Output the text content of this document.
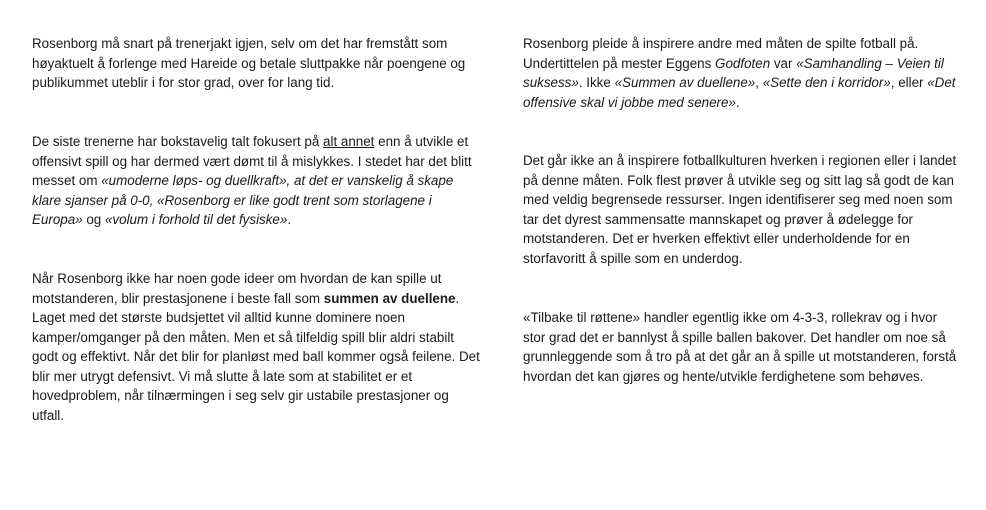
Rosenborg må snart på trenerjakt igjen, selv om det har fremstått som høyaktuelt å forlenge med Hareide og betale sluttpakke når poengene og publikummet uteblir i for stor grad, over for lang tid.

De siste trenerne har bokstavelig talt fokusert på alt annet enn å utvikle et offensivt spill og har dermed vært dømt til å mislykkes. I stedet har det blitt messet om «umoderne løps- og duellkraft», at det er vanskelig å skape klare sjanser på 0-0, «Rosenborg er like godt trent som storlagene i Europa» og «volum i forhold til det fysiske».

Når Rosenborg ikke har noen gode ideer om hvordan de kan spille ut motstanderen, blir prestasjonene i beste fall som summen av duellene. Laget med det største budsjettet vil alltid kunne dominere noen kamper/omganger på den måten. Men et så tilfeldig spill blir aldri stabilt godt og effektivt. Når det blir for planløst med ball kommer også feilene. Det blir mer utrygt defensivt. Vi må slutte å late som at stabilitet er et hovedproblem, når tilnærmingen i seg selv gir ustabile prestasjoner og utfall.

Rosenborg pleide å inspirere andre med måten de spilte fotball på. Undertittelen på mester Eggens Godfoten var «Samhandling – Veien til suksess». Ikke «Summen av duellene», «Sette den i korridor», eller «Det offensive skal vi jobbe med senere».

Det går ikke an å inspirere fotballkulturen hverken i regionen eller i landet på denne måten. Folk flest prøver å utvikle seg og sitt lag så godt de kan med veldig begrensede ressurser. Ingen identifiserer seg med noen som tar det dyrest sammensatte mannskapet og prøver å ødelegge for motstanderen. Det er hverken effektivt eller underholdende for en storfavoritt å spille som en underdog.

«Tilbake til røttene» handler egentlig ikke om 4-3-3, rollekrav og i hvor stor grad det er bannlyst å spille ballen bakover. Det handler om noe så grunnleggende som å tro på at det går an å spille ut motstanderen, forstå hvordan det kan gjøres og hente/utvikle ferdighetene som behøves.
